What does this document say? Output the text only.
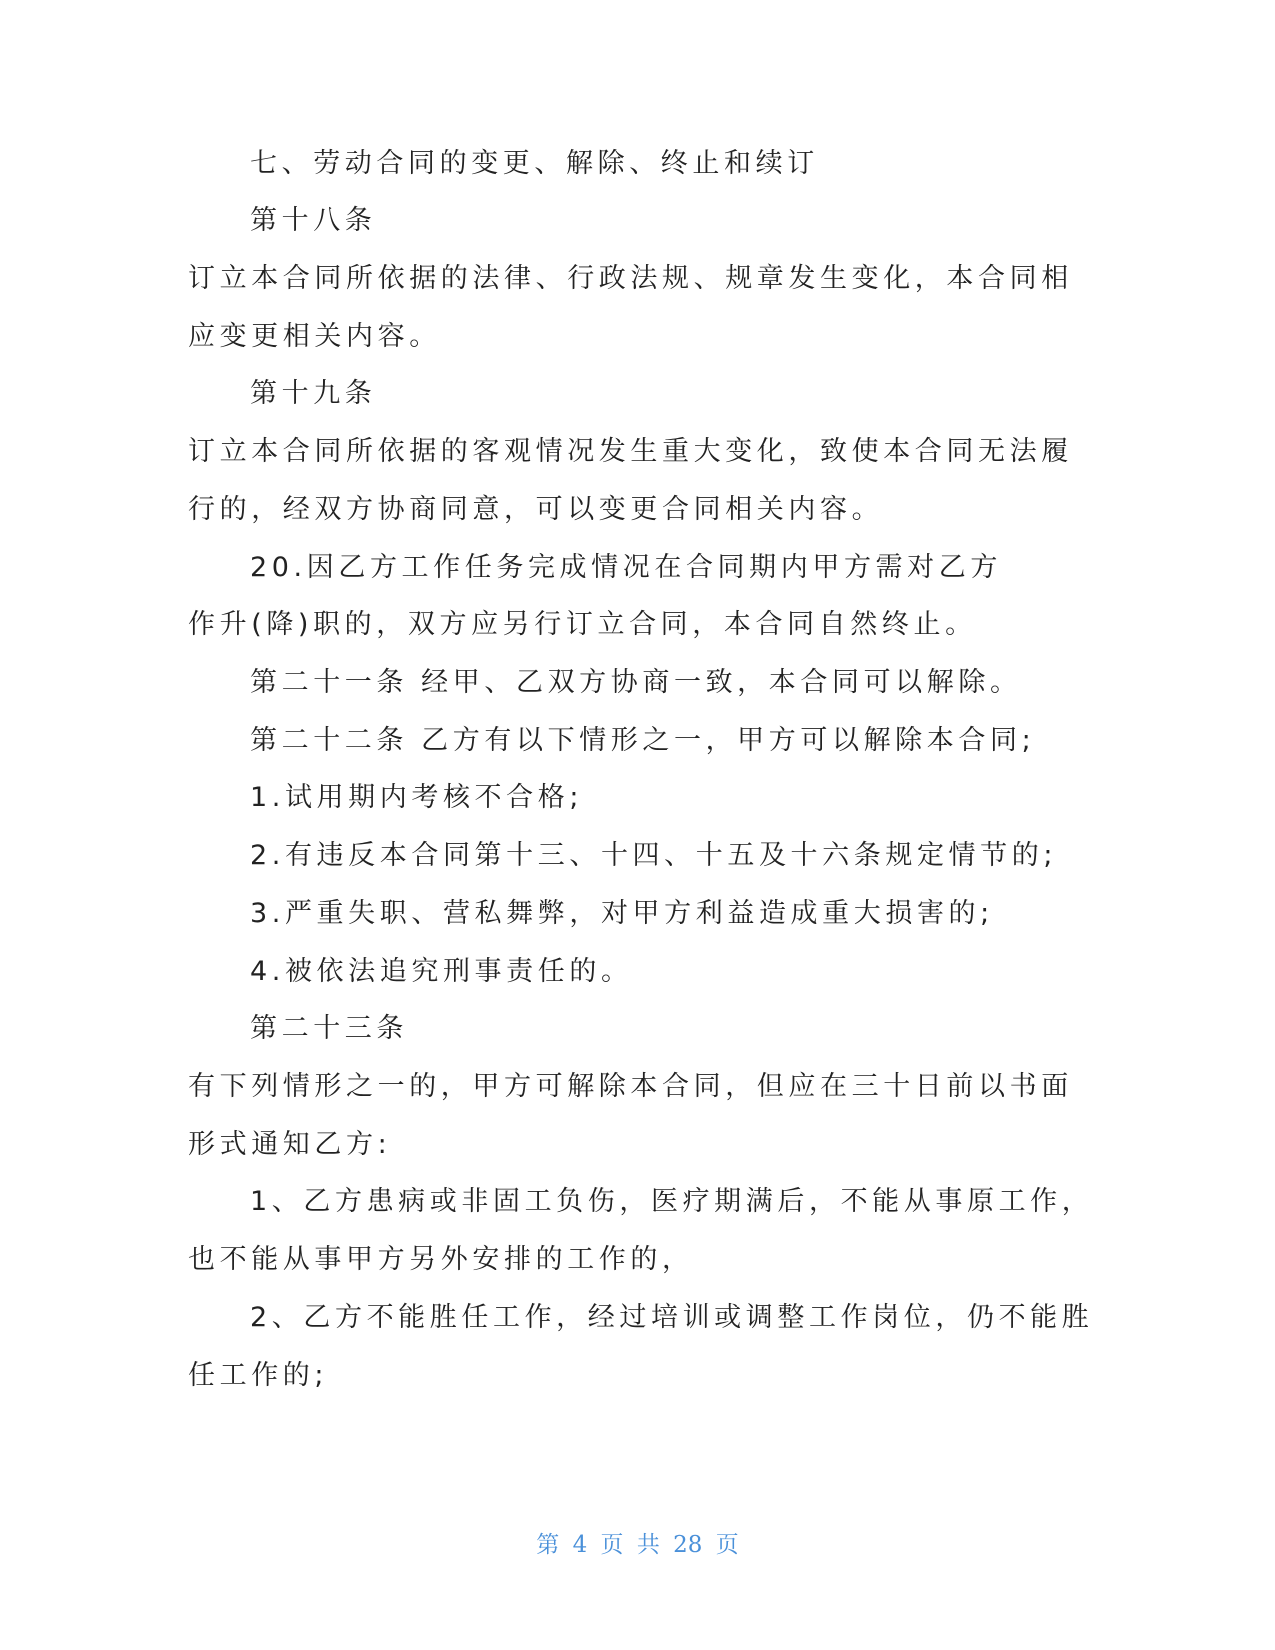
七、劳动合同的变更、解除、终止和续订
第十八条
订立本合同所依据的法律、行政法规、规章发生变化，本合同相
应变更相关内容。
第十九条
订立本合同所依据的客观情况发生重大变化，致使本合同无法履
行的，经双方协商同意，可以变更合同相关内容。
20.因乙方工作任务完成情况在合同期内甲方需对乙方
作升(降)职的，双方应另行订立合同，本合同自然终止。
第二十一条 经甲、乙双方协商一致，本合同可以解除。
第二十二条 乙方有以下情形之一，甲方可以解除本合同;
1.试用期内考核不合格;
2.有违反本合同第十三、十四、十五及十六条规定情节的;
3.严重失职、营私舞弊，对甲方利益造成重大损害的;
4.被依法追究刑事责任的。
第二十三条
有下列情形之一的，甲方可解除本合同，但应在三十日前以书面
形式通知乙方:
1、乙方患病或非固工负伤，医疗期满后，不能从事原工作，
也不能从事甲方另外安排的工作的，
2、乙方不能胜任工作，经过培训或调整工作岗位，仍不能胜
任工作的;
第 4 页 共 28 页
